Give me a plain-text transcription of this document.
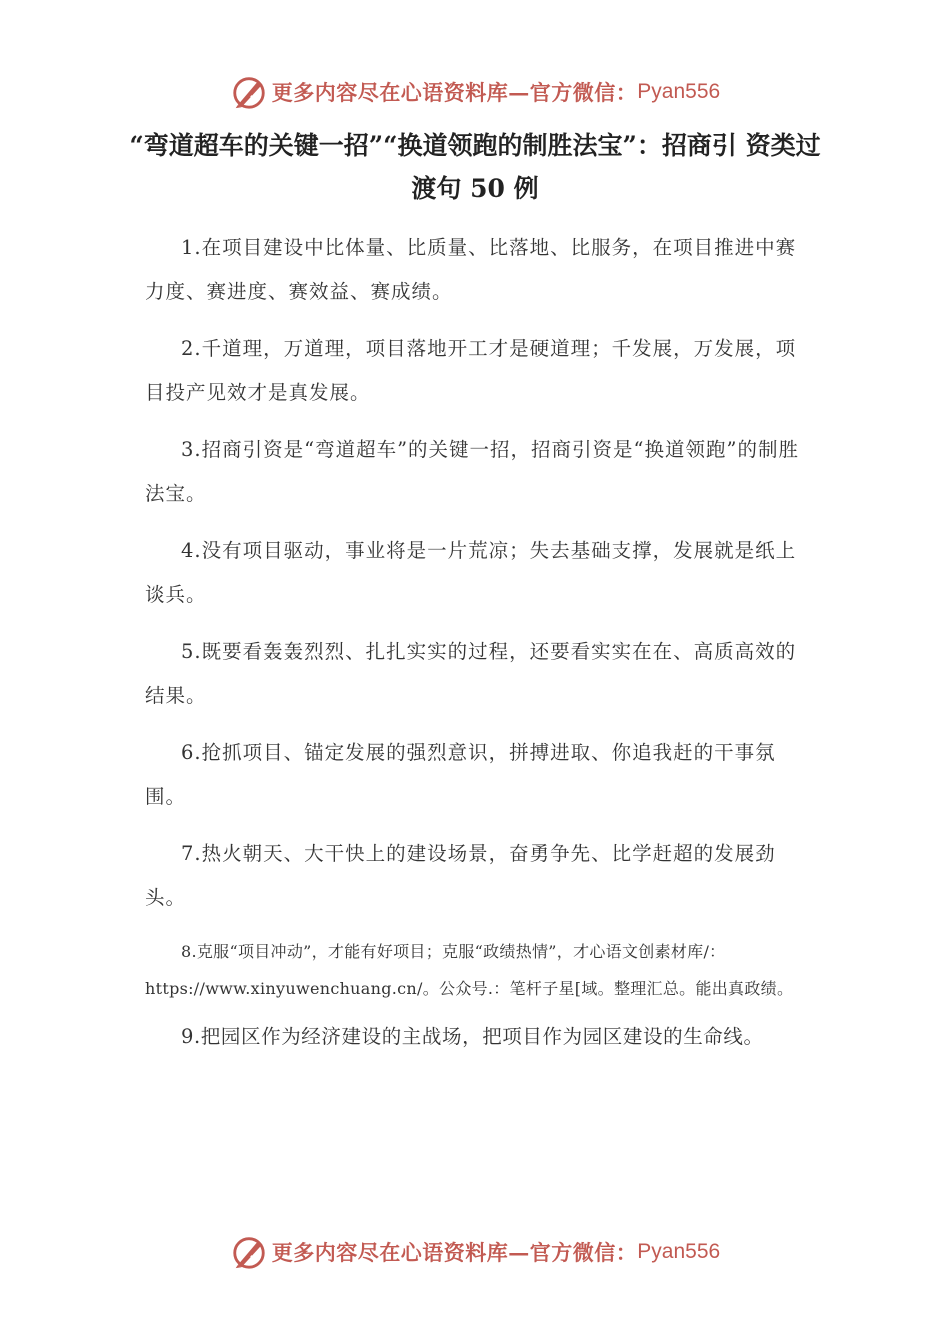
更多内容尽在心语资料库—官方微信： Pyan556
“弯道超车的关键一招”“换道领跑的制胜法宝”：招商引 资类过渡句 50 例

1.在项目建设中比体量、比质量、比落地、比服务，在项目推进中赛力度、赛进度、赛效益、赛成绩。

2.千道理，万道理，项目落地开工才是硬道理；千发展，万发展，项目投产见效才是真发展。

3.招商引资是“弯道超车”的关键一招，招商引资是“换道领跑”的制胜法宝。

4.没有项目驱动，事业将是一片荒凉；失去基础支撑，发展就是纸上谈兵。

5.既要看轰轰烈烈、扎扎实实的过程，还要看实实在在、高质高效的结果。

6.抢抓项目、锚定发展的强烈意识，拼搏进取、你追我赶的干事氛围。

7.热火朝天、大干快上的建设场景，奋勇争先、比学赶超的发展劲头。

8.克服“项目冲动”，才能有好项目；克服“政绩热情”，才心语文创素材库/：https://www.xinyuwenchuang.cn/。公众号.：笔杆子星[域。整理汇总。能出真政绩。

9.把园区作为经济建设的主战场，把项目作为园区建设的生命线。

更多内容尽在心语资料库—官方微信： Pyan556
